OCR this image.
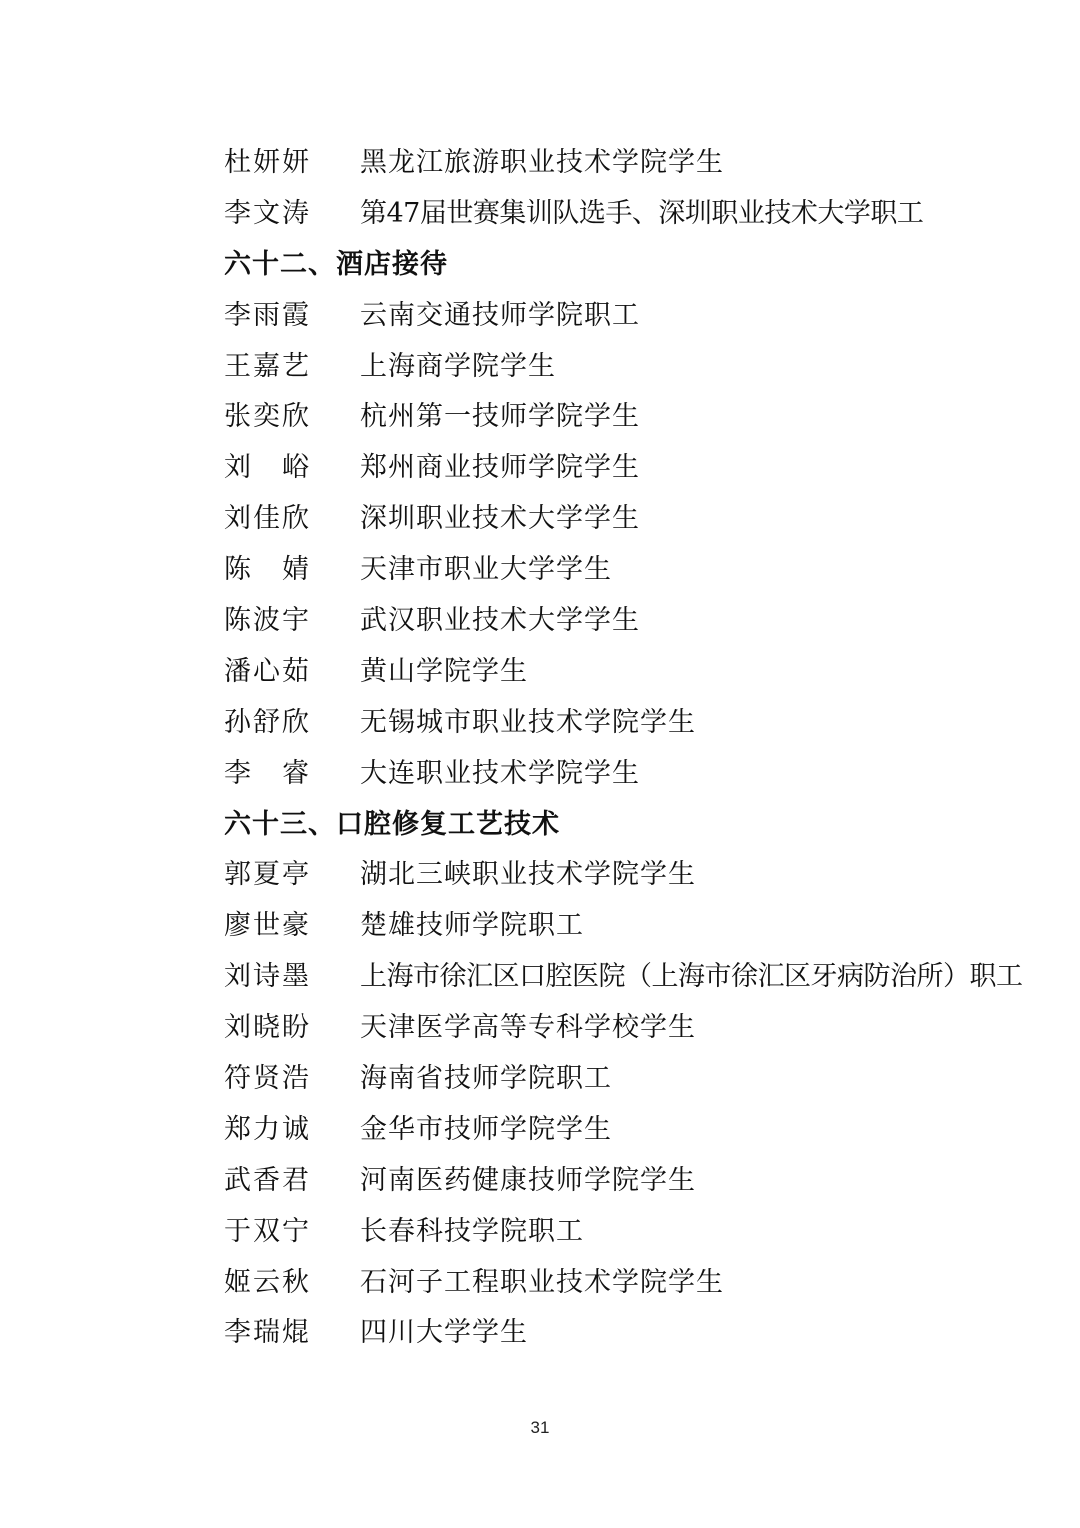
杜妍妍	黑龙江旅游职业技术学院学生
李文涛	第47届世赛集训队选手、深圳职业技术大学职工
六十二、酒店接待
李雨霞	云南交通技师学院职工
王嘉艺	上海商学院学生
张奕欣	杭州第一技师学院学生
刘　峪	郑州商业技师学院学生
刘佳欣	深圳职业技术大学学生
陈　婧	天津市职业大学学生
陈波宇	武汉职业技术大学学生
潘心茹	黄山学院学生
孙舒欣	无锡城市职业技术学院学生
李　睿	大连职业技术学院学生
六十三、口腔修复工艺技术
郭夏亭	湖北三峡职业技术学院学生
廖世豪	楚雄技师学院职工
刘诗墨	上海市徐汇区口腔医院（上海市徐汇区牙病防治所）职工
刘晓盼	天津医学高等专科学校学生
符贤浩	海南省技师学院职工
郑力诚	金华市技师学院学生
武香君	河南医药健康技师学院学生
于双宁	长春科技学院职工
姬云秋	石河子工程职业技术学院学生
李瑞焜	四川大学学生
31
